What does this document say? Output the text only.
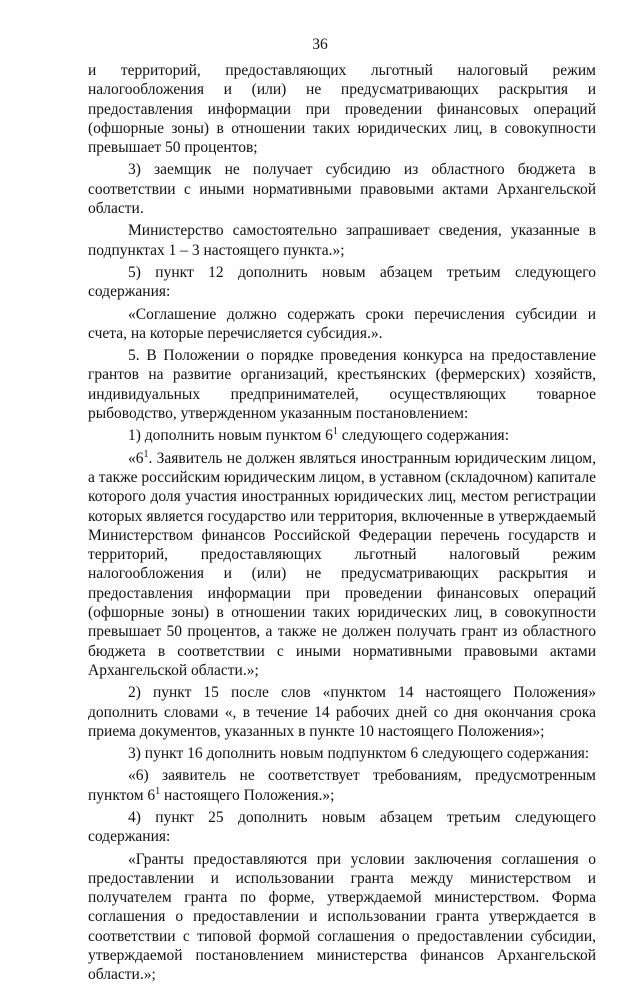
36

и территорий, предоставляющих льготный налоговый режим налогообложения и (или) не предусматривающих раскрытия и предоставления информации при проведении финансовых операций (офшорные зоны) в отношении таких юридических лиц, в совокупности превышает 50 процентов;

3) заемщик не получает субсидию из областного бюджета в соответствии с иными нормативными правовыми актами Архангельской области.

Министерство самостоятельно запрашивает сведения, указанные в подпунктах 1 – 3 настоящего пункта.»;

5) пункт 12 дополнить новым абзацем третьим следующего содержания:

«Соглашение должно содержать сроки перечисления субсидии и счета, на которые перечисляется субсидия.».

5. В Положении о порядке проведения конкурса на предоставление грантов на развитие организаций, крестьянских (фермерских) хозяйств, индивидуальных предпринимателей, осуществляющих товарное рыбоводство, утвержденном указанным постановлением:

1) дополнить новым пунктом $6^1$ следующего содержания:

«$6^1$. Заявитель не должен являться иностранным юридическим лицом, а также российским юридическим лицом, в уставном (складочном) капитале которого доля участия иностранных юридических лиц, местом регистрации которых является государство или территория, включенные в утверждаемый Министерством финансов Российской Федерации перечень государств и территорий, предоставляющих льготный налоговый режим налогообложения и (или) не предусматривающих раскрытия и предоставления информации при проведении финансовых операций (офшорные зоны) в отношении таких юридических лиц, в совокупности превышает 50 процентов, а также не должен получать грант из областного бюджета в соответствии с иными нормативными правовыми актами Архангельской области.»;

2) пункт 15 после слов «пунктом 14 настоящего Положения» дополнить словами «, в течение 14 рабочих дней со дня окончания срока приема документов, указанных в пункте 10 настоящего Положения»;

3) пункт 16 дополнить новым подпунктом 6 следующего содержания:

«6) заявитель не соответствует требованиям, предусмотренным пунктом $6^1$ настоящего Положения.»;

4) пункт 25 дополнить новым абзацем третьим следующего содержания:

«Гранты предоставляются при условии заключения соглашения о предоставлении и использовании гранта между министерством и получателем гранта по форме, утверждаемой министерством. Форма соглашения о предоставлении и использовании гранта утверждается в соответствии с типовой формой соглашения о предоставлении субсидии, утверждаемой постановлением министерства финансов Архангельской области.»;
